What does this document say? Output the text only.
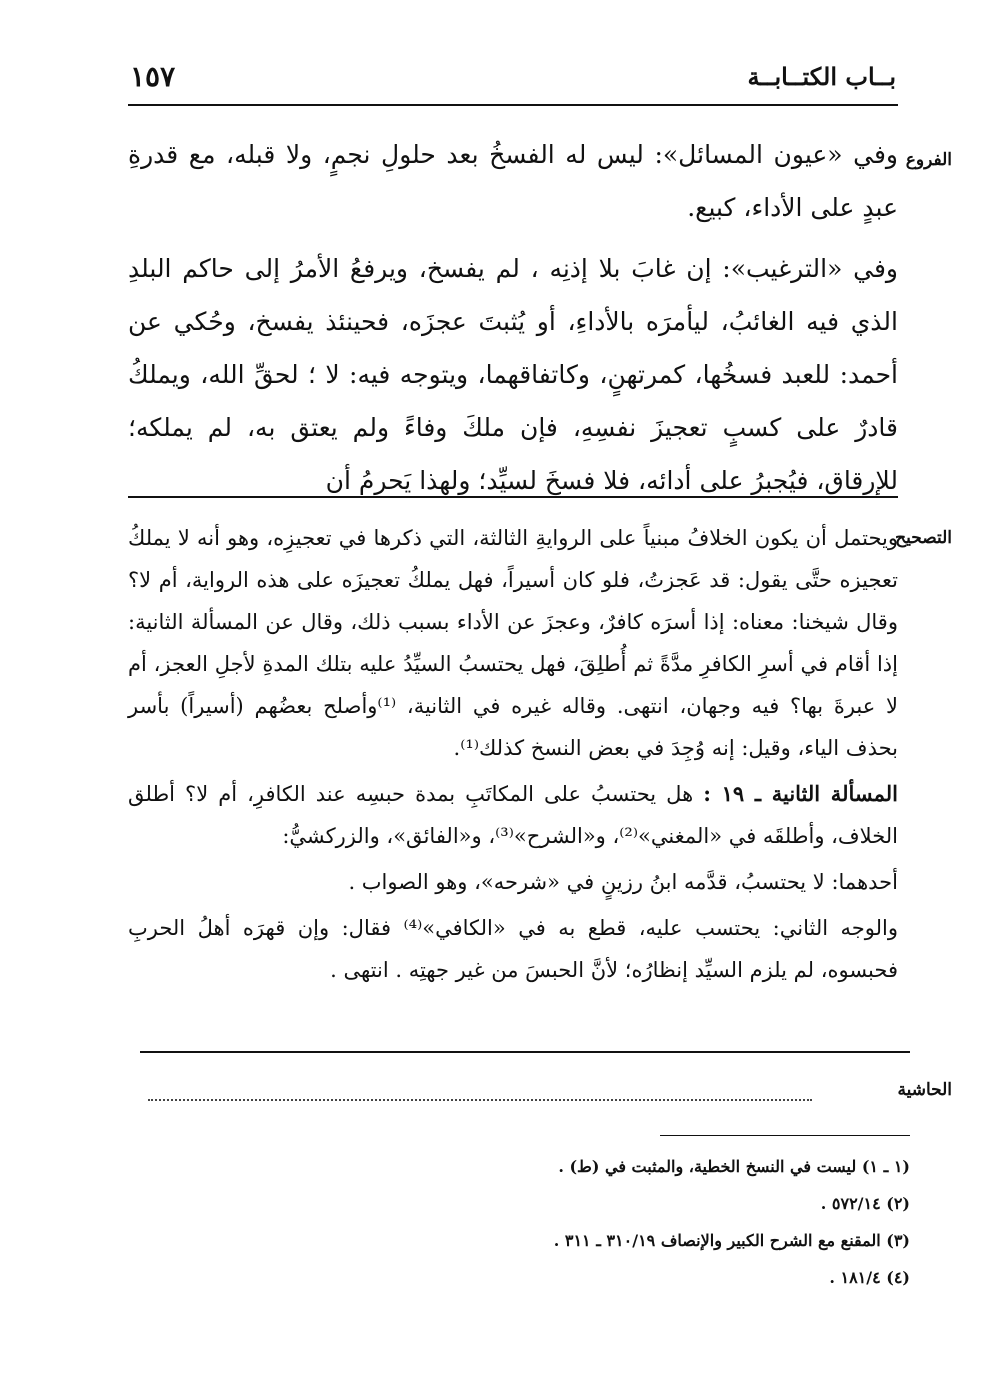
بــاب الكتــابــة
١٥٧
الفروع

وفي «عيون المسائل»: ليس له الفسخُ بعد حلولِ نجمٍ، ولا قبله، مع قدرةِ عبدٍ على الأداء، كبيع.

وفي «الترغيب»: إن غابَ بلا إذنِه ، لم يفسخ، ويرفعُ الأمرُ إلى حاكم البلدِ الذي فيه الغائبُ، ليأمرَه بالأداءِ، أو يُثبتَ عجزَه، فحينئذ يفسخ، وحُكي عن أحمد: للعبد فسخُها، كمرتهنٍ، وكاتفاقهما، ويتوجه فيه: لا ؛ لحقِّ الله، ويملكُ قادرٌ على كسبٍ تعجيزَ نفسِهِ، فإن ملكَ وفاءً ولم يعتق به، لم يملكه؛ للإرقاق، فيُجبرُ على أدائه، فلا فسخَ لسيِّد؛ ولهذا يَحرمُ أن

التصحيح

ويحتمل أن يكون الخلافُ مبنياً على الروايةِ الثالثة، التي ذكرها في تعجيزِه، وهو أنه لا يملكُ تعجيزه حتَّى يقول: قد عَجزتُ، فلو كان أسيراً، فهل يملكُ تعجيزَه على هذه الرواية، أم لا؟ وقال شيخنا: معناه: إذا أسرَه كافرٌ، وعجزَ عن الأداء بسبب ذلك، وقال عن المسألة الثانية: إذا أقام في أسرِ الكافرِ مدَّةً ثم أُطلِقَ، فهل يحتسبُ السيِّدُ عليه بتلك المدةِ لأجلِ العجز، أم لا عبرةَ بها؟ فيه وجهان، انتهى. وقاله غيره في الثانية، ⁽¹⁾وأصلح بعضُهم (أسيراً) بأسر بحذف الياء، وقيل: إنه وُجِدَ في بعض النسخ كذلك⁽¹⁾.

المسألة الثانية ـ ١٩ : هل يحتسبُ على المكاتَبِ بمدة حبسِه عند الكافرِ، أم لا؟ أطلق الخلاف، وأطلقَه في «المغني»⁽²⁾، و«الشرح»⁽³⁾، و«الفائق»، والزركشيُّ:

أحدهما: لا يحتسبُ، قدَّمه ابنُ رزينٍ في «شرحه»، وهو الصواب .

والوجه الثاني: يحتسب عليه، قطع به في «الكافي»⁽⁴⁾ فقال: وإن قهرَه أهلُ الحربِ فحبسوه، لم يلزم السيِّد إنظارُه؛ لأنَّ الحبسَ من غير جهتِه . انتهى .

الحاشية
(١ ـ ١) ليست في النسخ الخطية، والمثبت في (ط) .
(٢) ٥٧٢/١٤ .
(٣) المقنع مع الشرح الكبير والإنصاف ٣١٠/١٩ ـ ٣١١ .
(٤) ١٨١/٤ .
